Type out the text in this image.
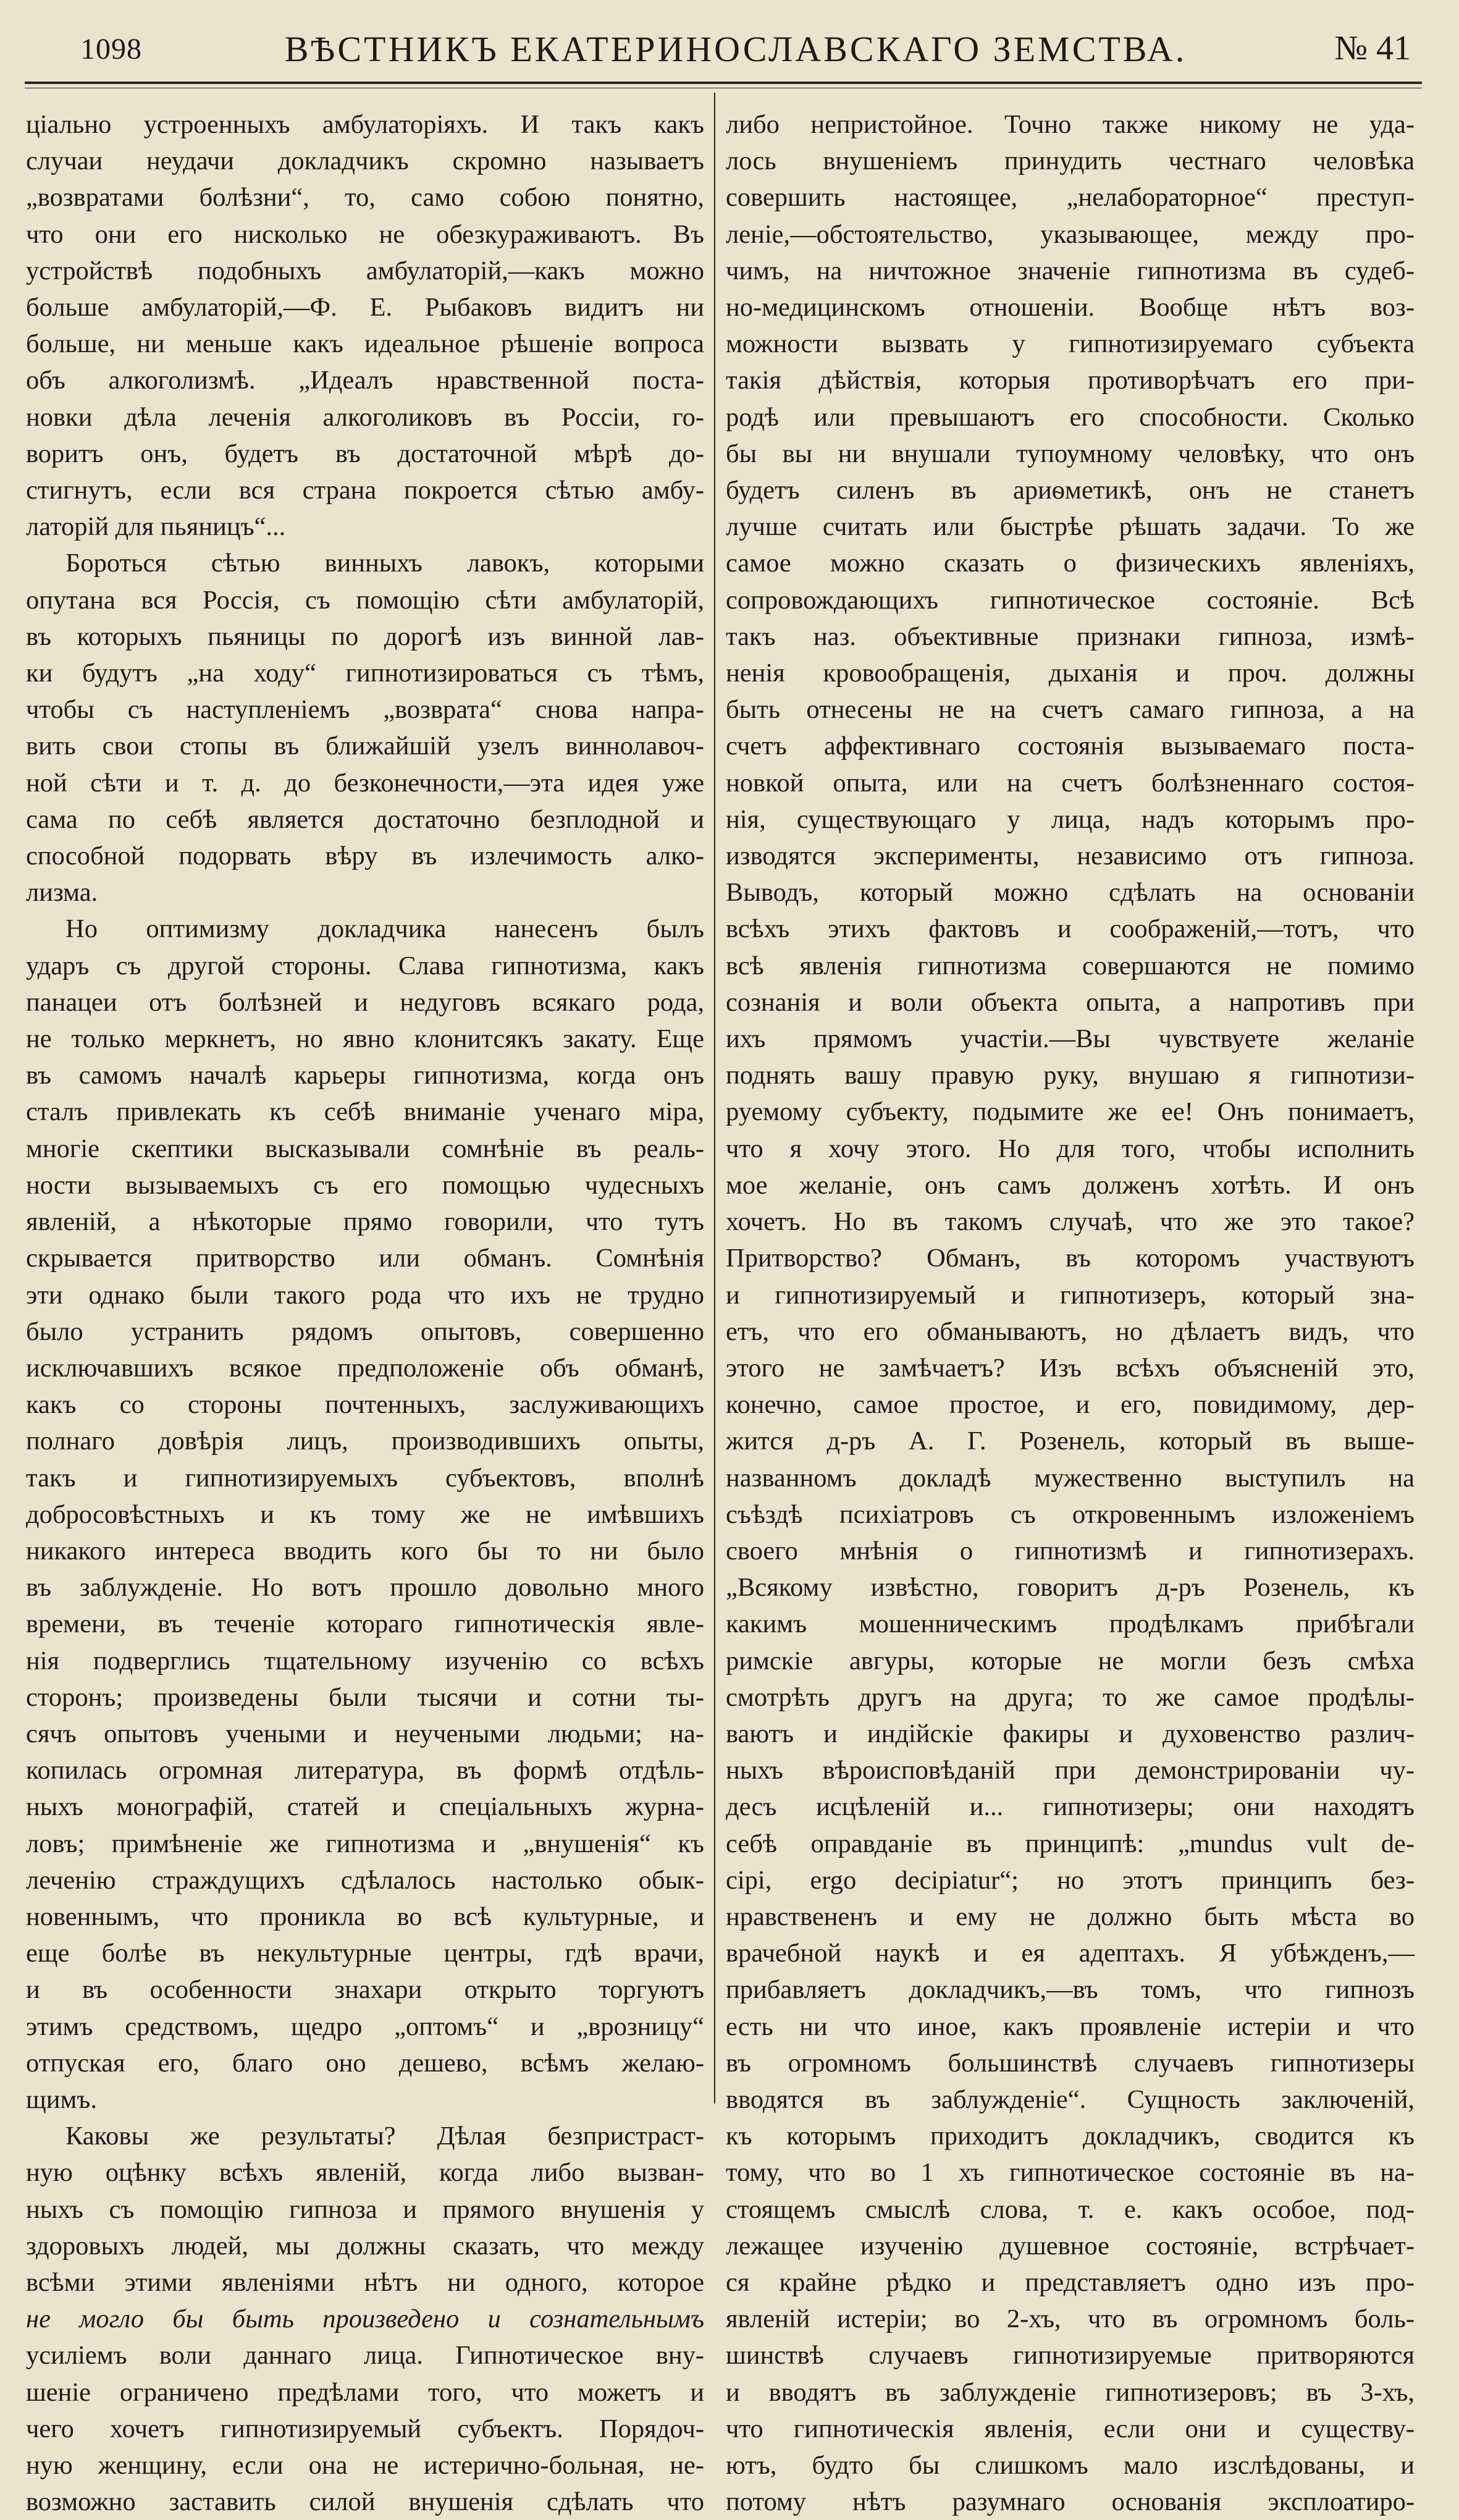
1098	ВѢСТНИКЪ ЕКАТЕРИНОСЛАВСКАГО ЗЕМСТВА.	№ 41
ціально устроенныхъ амбулаторіяхъ. И такъ какъ
случаи неудачи докладчикъ скромно называетъ
„возвратами болѣзни“, то, само собою понятно,
что они его нисколько не обезкураживаютъ. Въ
устройствѣ подобныхъ амбулаторій,—какъ можно
больше амбулаторій,—Ф. Е. Рыбаковъ видитъ ни
больше, ни меньше какъ идеальное рѣшеніе вопроса
объ алкоголизмѣ. „Идеалъ нравственной поста-
новки дѣла леченія алкоголиковъ въ Россіи, го-
воритъ онъ, будетъ въ достаточной мѣрѣ до-
стигнутъ, если вся страна покроется сѣтью амбу-
латорій для пьяницъ“...
Бороться сѣтью винныхъ лавокъ, которыми
опутана вся Россія, съ помощію сѣти амбулаторій,
въ которыхъ пьяницы по дорогѣ изъ винной лав-
ки будутъ „на ходу“ гипнотизироваться съ тѣмъ,
чтобы съ наступленіемъ „возврата“ снова напра-
вить свои стопы въ ближайшій узелъ виннолавоч-
ной сѣти и т. д. до безконечности,—эта идея уже
сама по себѣ является достаточно безплодной и
способной подорвать вѣру въ излечимость алко-
лизма.
Но оптимизму докладчика нанесенъ былъ
ударъ съ другой стороны. Слава гипнотизма, какъ
панацеи отъ болѣзней и недуговъ всякаго рода,
не только меркнетъ, но явно клонитсякъ закату. Еще
въ самомъ началѣ карьеры гипнотизма, когда онъ
сталъ привлекать къ себѣ вниманіе ученаго міра,
многіе скептики высказывали сомнѣніе въ реаль-
ности вызываемыхъ съ его помощью чудесныхъ
явленій, а нѣкоторые прямо говорили, что тутъ
скрывается притворство или обманъ. Сомнѣнія
эти однако были такого рода что ихъ не трудно
было устранить рядомъ опытовъ, совершенно
исключавшихъ всякое предположеніе объ обманѣ,
какъ со стороны почтенныхъ, заслуживающихъ
полнаго довѣрія лицъ, производившихъ опыты,
такъ и гипнотизируемыхъ субъектовъ, вполнѣ
добросовѣстныхъ и къ тому же не имѣвшихъ
никакого интереса вводить кого бы то ни было
въ заблужденіе. Но вотъ прошло довольно много
времени, въ теченіе котораго гипнотическія явле-
нія подверглись тщательному изученію со всѣхъ
сторонъ; произведены были тысячи и сотни ты-
сячъ опытовъ учеными и неучеными людьми; на-
копилась огромная литература, въ формѣ отдѣль-
ныхъ монографій, статей и спеціальныхъ журна-
ловъ; примѣненіе же гипнотизма и „внушенія“ къ
леченію страждущихъ сдѣлалось настолько обык-
новеннымъ, что проникла во всѣ культурные, и
еще болѣе въ некультурные центры, гдѣ врачи,
и въ особенности знахари открыто торгуютъ
этимъ средствомъ, щедро „оптомъ“ и „врозницу“
отпуская его, благо оно дешево, всѣмъ желаю-
щимъ.
Каковы же результаты? Дѣлая безпристраст-
ную оцѣнку всѣхъ явленій, когда либо вызван-
ныхъ съ помощію гипноза и прямого внушенія у
здоровыхъ людей, мы должны сказать, что между
всѣми этими явленіями нѣтъ ни одного, которое
не могло бы быть произведено и сознательнымъ
усиліемъ воли даннаго лица. Гипнотическое вну-
шеніе ограничено предѣлами того, что можетъ и
чего хочетъ гипнотизируемый субъектъ. Порядоч-
ную женщину, если она не истерично-больная, не-
возможно заставить силой внушенія сдѣлать что
либо непристойное. Точно также никому не уда-
лось внушеніемъ принудить честнаго человѣка
совершить настоящее, „нелабораторное“ преступ-
леніе,—обстоятельство, указывающее, между про-
чимъ, на ничтожное значеніе гипнотизма въ судеб-
но-медицинскомъ отношеніи. Вообще нѣтъ воз-
можности вызвать у гипнотизируемаго субъекта
такія дѣйствія, которыя противорѣчатъ его при-
родѣ или превышаютъ его способности. Сколько
бы вы ни внушали тупоумному человѣку, что онъ
будетъ силенъ въ ариѳметикѣ, онъ не станетъ
лучше считать или быстрѣе рѣшать задачи. То же
самое можно сказать о физическихъ явленіяхъ,
сопровождающихъ гипнотическое состояніе. Всѣ
такъ наз. объективные признаки гипноза, измѣ-
ненія кровообращенія, дыханія и проч. должны
быть отнесены не на счетъ самаго гипноза, а на
счетъ аффективнаго состоянія вызываемаго поста-
новкой опыта, или на счетъ болѣзненнаго состоя-
нія, существующаго у лица, надъ которымъ про-
изводятся эксперименты, независимо отъ гипноза.
Выводъ, который можно сдѣлать на основаніи
всѣхъ этихъ фактовъ и соображеній,—тотъ, что
всѣ явленія гипнотизма совершаются не помимо
сознанія и воли объекта опыта, а напротивъ при
ихъ прямомъ участіи.—Вы чувствуете желаніе
поднять вашу правую руку, внушаю я гипнотизи-
руемому субъекту, подымите же ее! Онъ понимаетъ,
что я хочу этого. Но для того, чтобы исполнить
мое желаніе, онъ самъ долженъ хотѣть. И онъ
хочетъ. Но въ такомъ случаѣ, что же это такое?
Притворство? Обманъ, въ которомъ участвуютъ
и гипнотизируемый и гипнотизеръ, который зна-
етъ, что его обманываютъ, но дѣлаетъ видъ, что
этого не замѣчаетъ? Изъ всѣхъ объясненій это,
конечно, самое простое, и его, повидимому, дер-
жится д-ръ А. Г. Розенель, который въ выше-
названномъ докладѣ мужественно выступилъ на
съѣздѣ психіатровъ съ откровеннымъ изложеніемъ
своего мнѣнія о гипнотизмѣ и гипнотизерахъ.
„Всякому извѣстно, говоритъ д-ръ Розенель, къ
какимъ мошенническимъ продѣлкамъ прибѣгали
римскіе авгуры, которые не могли безъ смѣха
смотрѣть другъ на друга; то же самое продѣлы-
ваютъ и индійскіе факиры и духовенство различ-
ныхъ вѣроисповѣданій при демонстрированіи чу-
десъ исцѣленій и... гипнотизеры; они находятъ
себѣ оправданіе въ принципѣ: „mundus vult de-
cipi, ergo decipiatur“; но этотъ принципъ без-
нравствененъ и ему не должно быть мѣста во
врачебной наукѣ и ея адептахъ. Я убѣжденъ,—
прибавляетъ докладчикъ,—въ томъ, что гипнозъ
есть ни что иное, какъ проявленіе истеріи и что
въ огромномъ большинствѣ случаевъ гипнотизеры
вводятся въ заблужденіе“. Сущность заключеній,
къ которымъ приходитъ докладчикъ, сводится къ
тому, что во 1 хъ гипнотическое состояніе въ на-
стоящемъ смыслѣ слова, т. е. какъ особое, под-
лежащее изученію душевное состояніе, встрѣчает-
ся крайне рѣдко и представляетъ одно изъ про-
явленій истеріи; во 2-хъ, что въ огромномъ боль-
шинствѣ случаевъ гипнотизируемые притворяются
и вводятъ въ заблужденіе гипнотизеровъ; въ 3-хъ,
что гипнотическія явленія, если они и существу-
ютъ, будто бы слишкомъ мало изслѣдованы, и
потому нѣтъ разумнаго основанія эксплоатиро-
